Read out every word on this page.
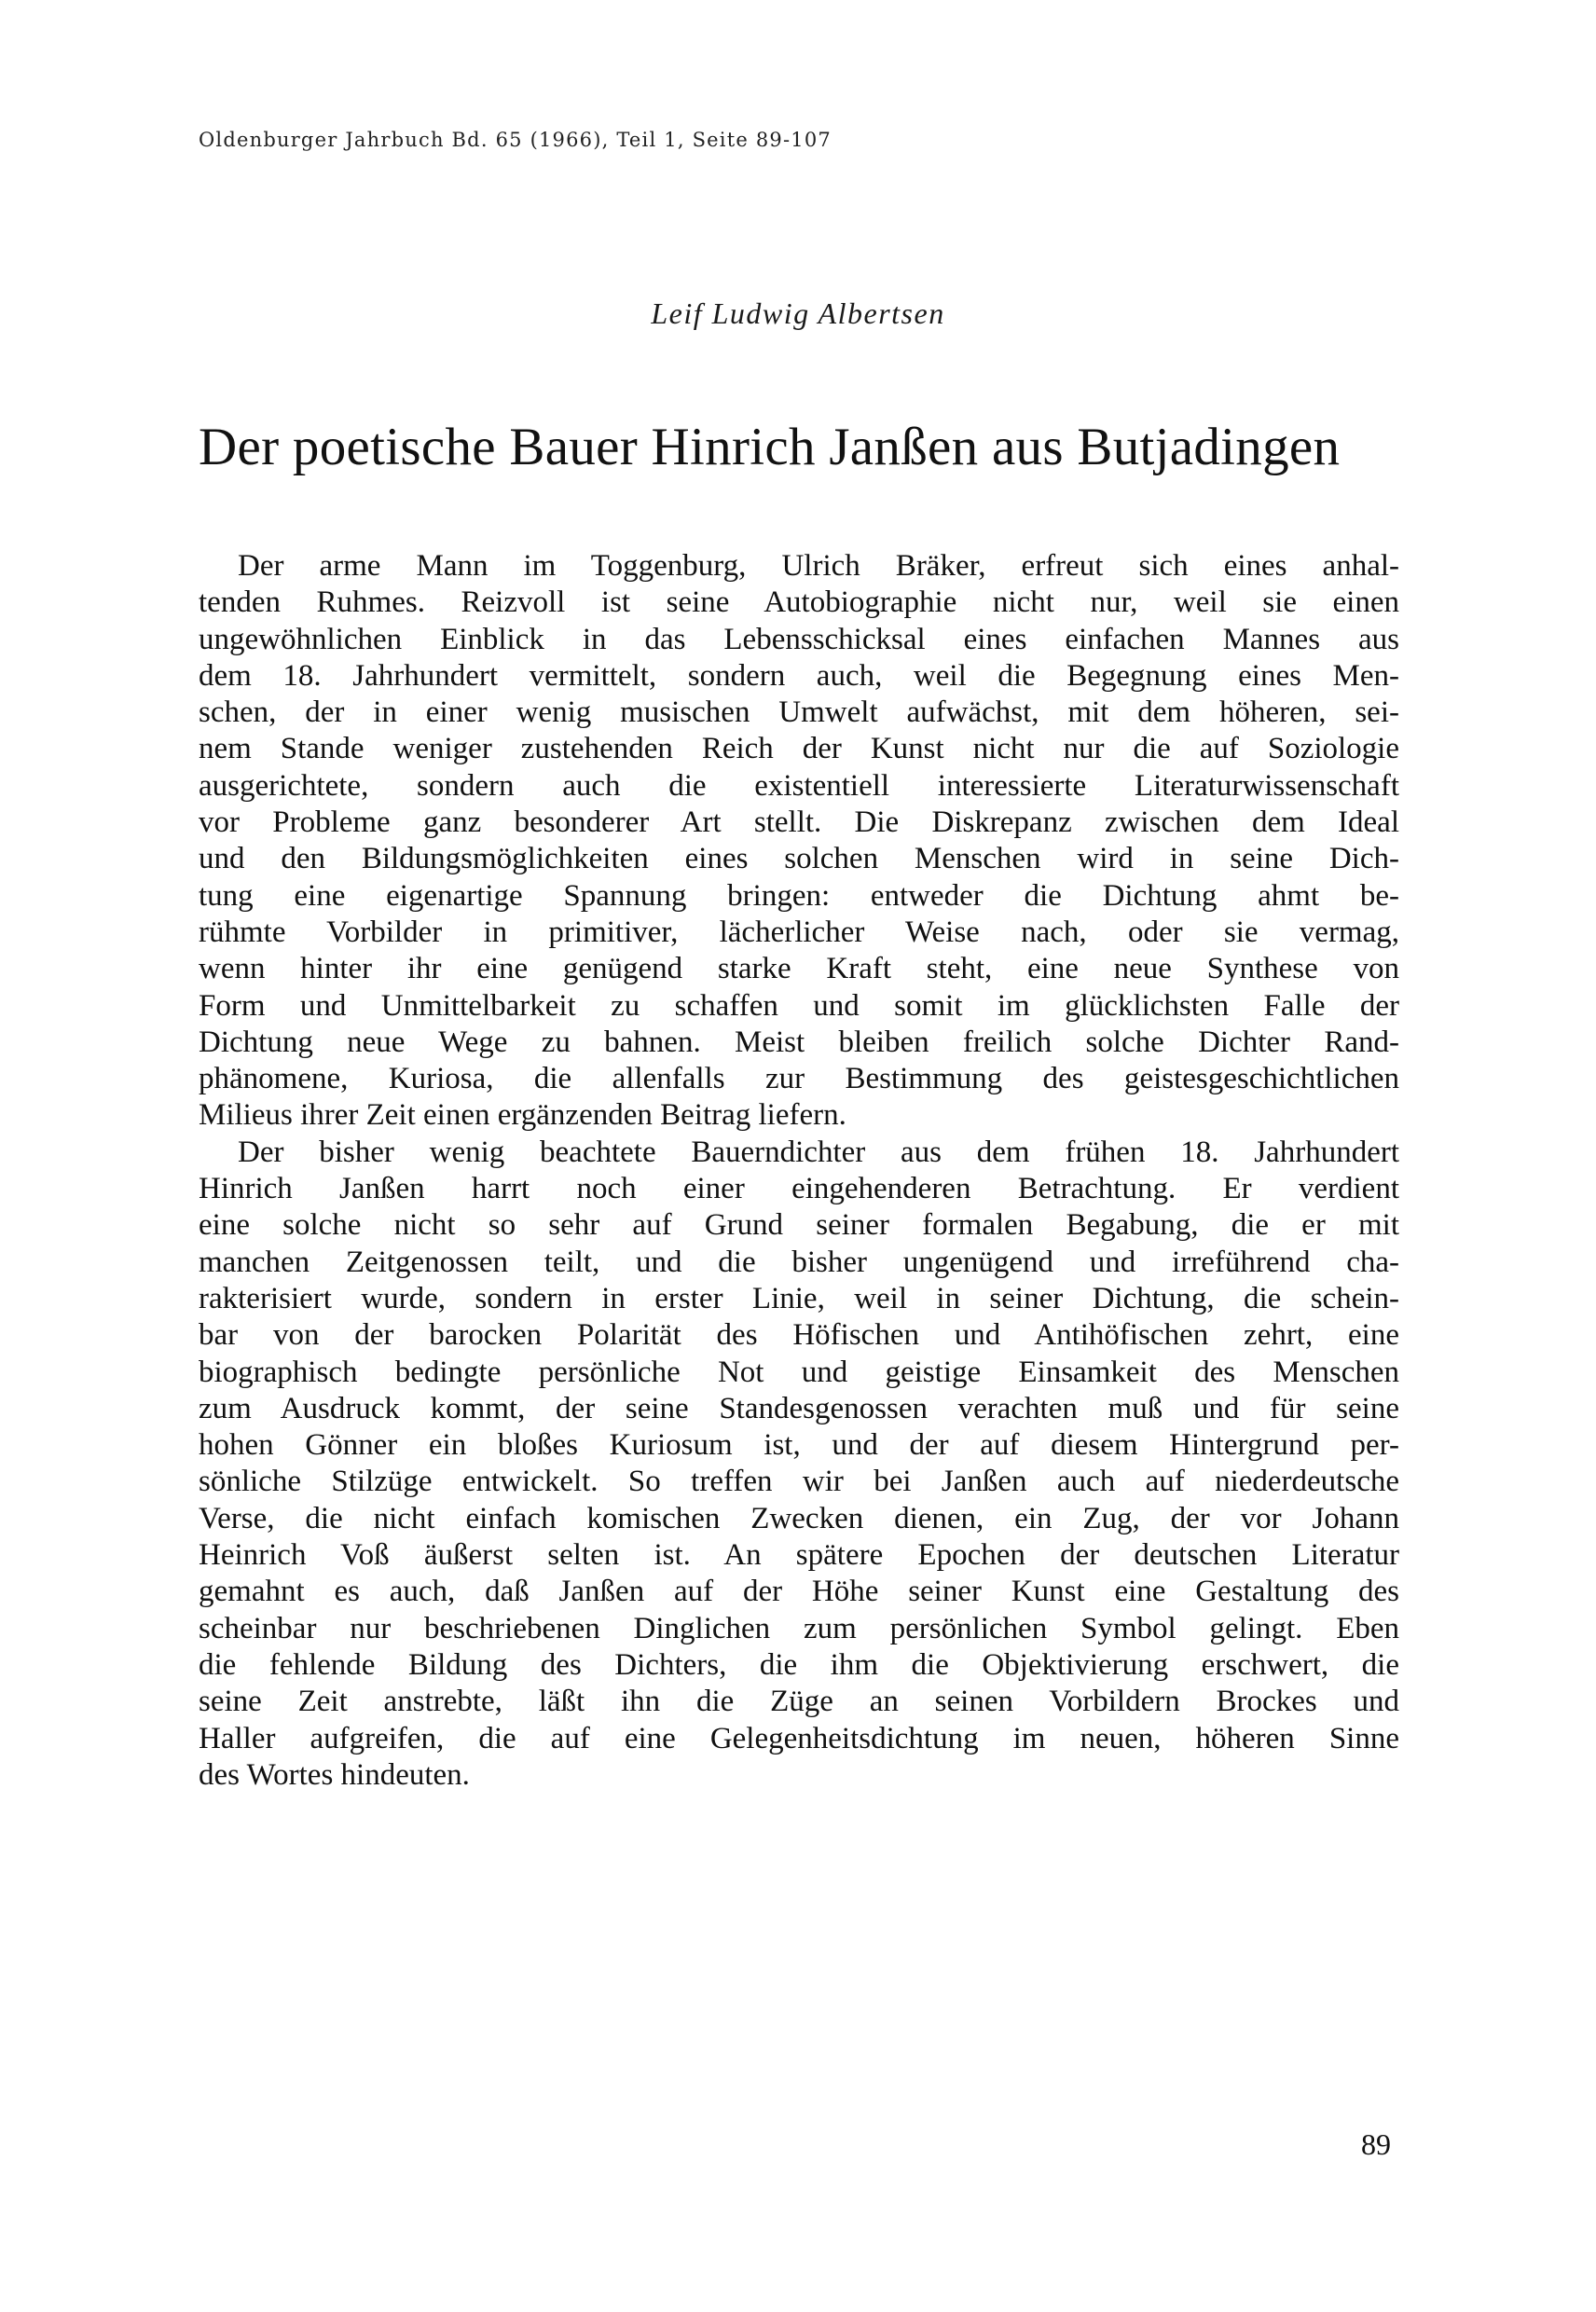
Oldenburger Jahrbuch Bd. 65 (1966), Teil 1, Seite 89-107
Leif Ludwig Albertsen
Der poetische Bauer Hinrich Janßen aus Butjadingen
Der arme Mann im Toggenburg, Ulrich Bräker, erfreut sich eines anhal-
tenden Ruhmes. Reizvoll ist seine Autobiographie nicht nur, weil sie einen
ungewöhnlichen Einblick in das Lebensschicksal eines einfachen Mannes aus
dem 18. Jahrhundert vermittelt, sondern auch, weil die Begegnung eines Men-
schen, der in einer wenig musischen Umwelt aufwächst, mit dem höheren, sei-
nem Stande weniger zustehenden Reich der Kunst nicht nur die auf Soziologie
ausgerichtete, sondern auch die existentiell interessierte Literaturwissenschaft
vor Probleme ganz besonderer Art stellt. Die Diskrepanz zwischen dem Ideal
und den Bildungsmöglichkeiten eines solchen Menschen wird in seine Dich-
tung eine eigenartige Spannung bringen: entweder die Dichtung ahmt be-
rühmte Vorbilder in primitiver, lächerlicher Weise nach, oder sie vermag,
wenn hinter ihr eine genügend starke Kraft steht, eine neue Synthese von
Form und Unmittelbarkeit zu schaffen und somit im glücklichsten Falle der
Dichtung neue Wege zu bahnen. Meist bleiben freilich solche Dichter Rand-
phänomene, Kuriosa, die allenfalls zur Bestimmung des geistesgeschichtlichen
Milieus ihrer Zeit einen ergänzenden Beitrag liefern.
Der bisher wenig beachtete Bauerndichter aus dem frühen 18. Jahrhundert
Hinrich Janßen harrt noch einer eingehenderen Betrachtung. Er verdient
eine solche nicht so sehr auf Grund seiner formalen Begabung, die er mit
manchen Zeitgenossen teilt, und die bisher ungenügend und irreführend cha-
rakterisiert wurde, sondern in erster Linie, weil in seiner Dichtung, die schein-
bar von der barocken Polarität des Höfischen und Antihöfischen zehrt, eine
biographisch bedingte persönliche Not und geistige Einsamkeit des Menschen
zum Ausdruck kommt, der seine Standesgenossen verachten muß und für seine
hohen Gönner ein bloßes Kuriosum ist, und der auf diesem Hintergrund per-
sönliche Stilzüge entwickelt. So treffen wir bei Janßen auch auf niederdeutsche
Verse, die nicht einfach komischen Zwecken dienen, ein Zug, der vor Johann
Heinrich Voß äußerst selten ist. An spätere Epochen der deutschen Literatur
gemahnt es auch, daß Janßen auf der Höhe seiner Kunst eine Gestaltung des
scheinbar nur beschriebenen Dinglichen zum persönlichen Symbol gelingt. Eben
die fehlende Bildung des Dichters, die ihm die Objektivierung erschwert, die
seine Zeit anstrebte, läßt ihn die Züge an seinen Vorbildern Brockes und
Haller aufgreifen, die auf eine Gelegenheitsdichtung im neuen, höheren Sinne
des Wortes hindeuten.
89
